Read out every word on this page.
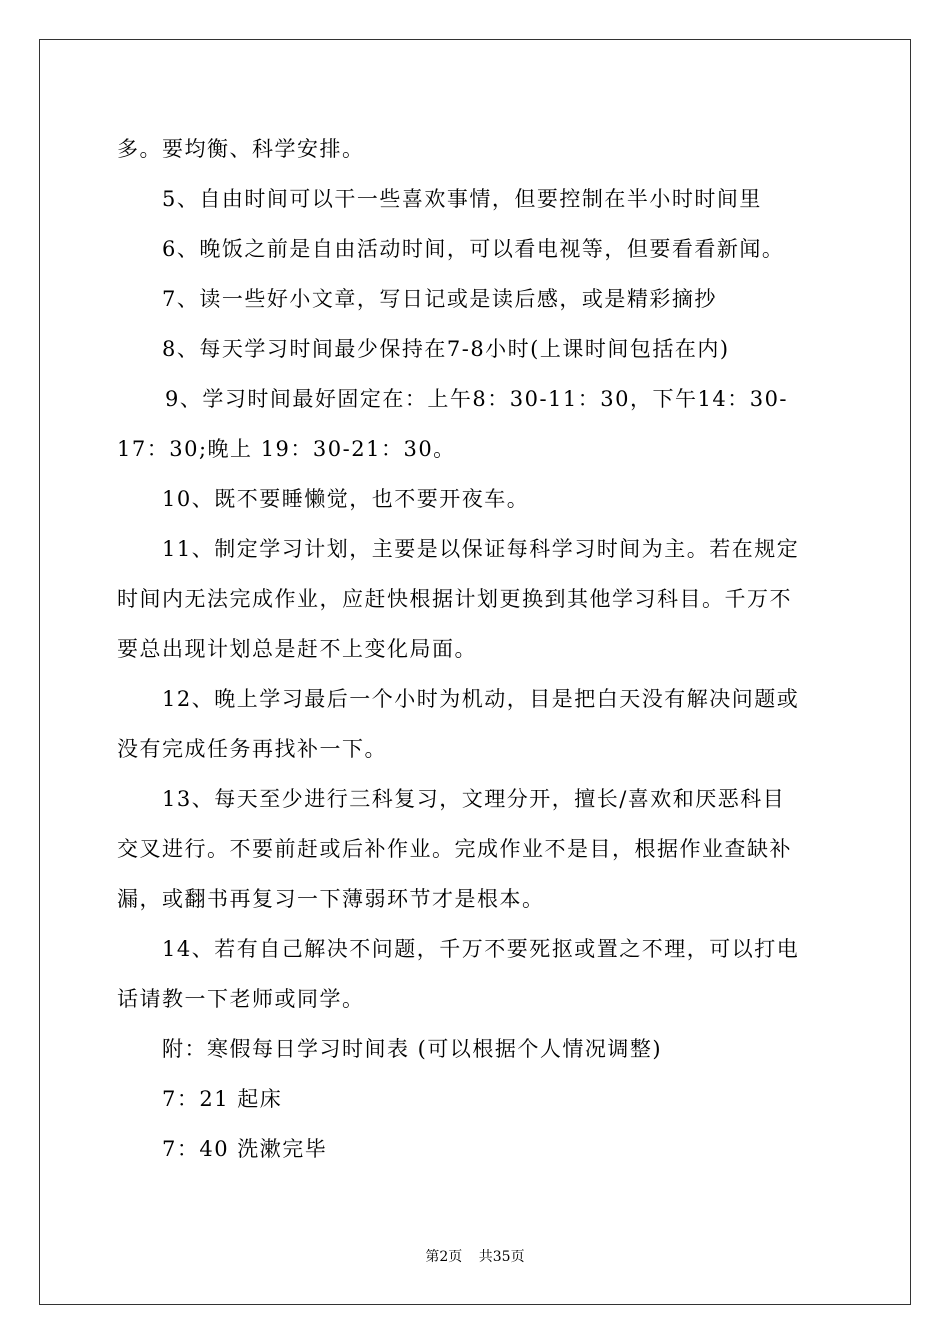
多。要均衡、科学安排。
5、自由时间可以干一些喜欢事情，但要控制在半小时时间里
6、晚饭之前是自由活动时间，可以看电视等，但要看看新闻。
7、读一些好小文章，写日记或是读后感，或是精彩摘抄
8、每天学习时间最少保持在7-8小时(上课时间包括在内)
9、学习时间最好固定在：上午8：30-11：30，下午14：30-
17：30;晚上 19：30-21：30。
10、既不要睡懒觉，也不要开夜车。
11、制定学习计划，主要是以保证每科学习时间为主。若在规定
时间内无法完成作业，应赶快根据计划更换到其他学习科目。千万不
要总出现计划总是赶不上变化局面。
12、晚上学习最后一个小时为机动，目是把白天没有解决问题或
没有完成任务再找补一下。
13、每天至少进行三科复习，文理分开，擅长/喜欢和厌恶科目
交叉进行。不要前赶或后补作业。完成作业不是目，根据作业查缺补
漏，或翻书再复习一下薄弱环节才是根本。
14、若有自己解决不问题，千万不要死抠或置之不理，可以打电
话请教一下老师或同学。
附：寒假每日学习时间表 (可以根据个人情况调整)
7：21 起床
7：40 洗漱完毕
第2页 共35页
